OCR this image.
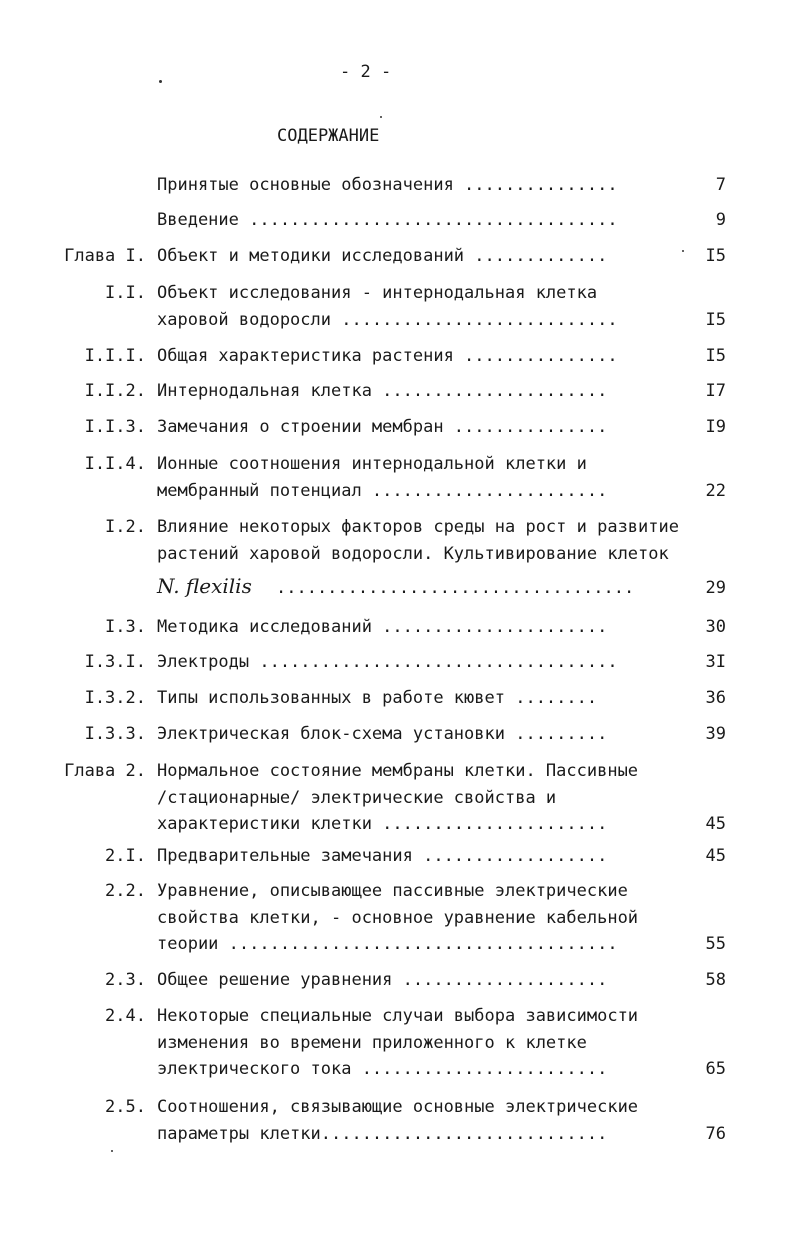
- 2 -
СОДЕРЖАНИЕ
Принятые основные обозначения ...............	7
Введение ....................................	9
Глава I. Объект и методики исследований .............	I5
I.I. Объект исследования - интернодальная клетка
харовой водоросли ...........................	I5
I.I.I. Общая характеристика растения ...............	I5
I.I.2. Интернодальная клетка ......................	I7
I.I.3. Замечания о строении мембран ...............	I9
I.I.4. Ионные соотношения интернодальной клетки и
мембранный потенциал .......................	22
I.2. Влияние некоторых факторов среды на рост и развитие
растений харовой водоросли. Культивирование клеток
N. flexilis ...................................	29
I.3. Методика исследований ......................	30
I.3.I. Электроды ...................................	3I
I.3.2. Типы использованных в работе кювет ........	36
I.3.3. Электрическая блок-схема установки .........	39
Глава 2. Нормальное состояние мембраны клетки. Пассивные
/стационарные/ электрические свойства и
характеристики клетки ......................	45
2.I. Предварительные замечания ..................	45
2.2. Уравнение, описывающее пассивные электрические
свойства клетки, - основное уравнение кабельной
теории ......................................	55
2.3. Общее решение уравнения ....................	58
2.4. Некоторые специальные случаи выбора зависимости
изменения во времени приложенного к клетке
электрического тока ........................	65
2.5. Соотношения, связывающие основные электрические
параметры клетки............................	76
